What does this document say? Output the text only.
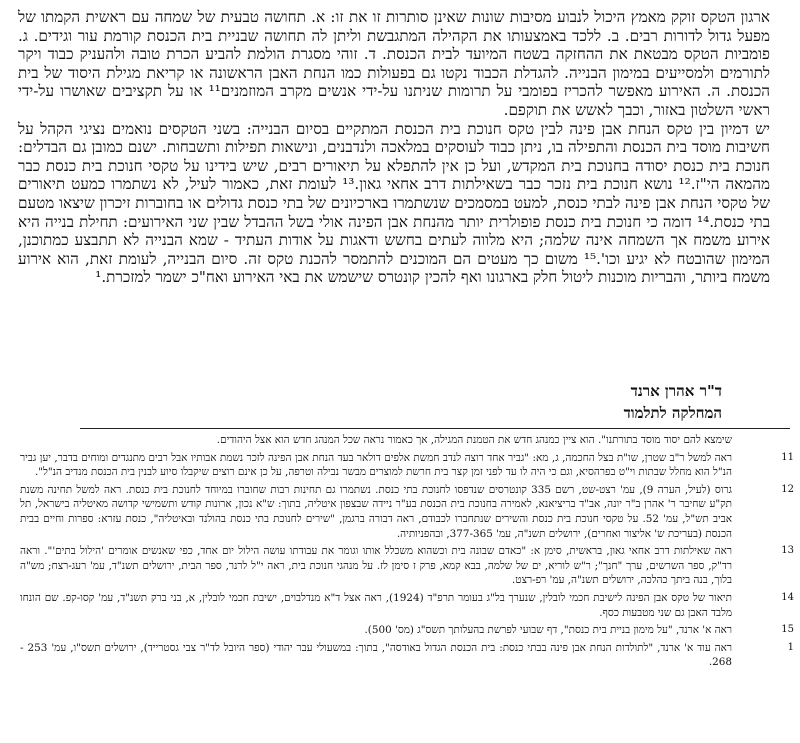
ארגון הטקס זוקק מאמץ היכול לנבוע מסיבות שונות שאינן סותרות זו את זו: א. תחושה טבעית של שמחה עם ראשית הקמתו של מפעל גדול לדורות רבים. ב. ללכד באמצעותו את הקהילה המתגבשת וליתן לה תחושה שבניית בית הכנסת קורמת עור וגידים. ג. פומביות הטקס מבטאת את ההחזקה בשטח המיועד לבית הכנסת. ד. זוהי מסגרת הולמת להביע הכרת טובה ולהעניק כבוד ויקר לתורמים ולמסייעים במימון הבנייה. להגדלת הכבוד נקטו גם בפעולות כמו הנחת האבן הראשונה או קריאת מגילת היסוד של בית הכנסת. ה. האירוע מאפשר להכריז בפומבי על תרומות שניתנו על-ידי אנשים מקרב המוזמנים¹¹ או על תקציבים שאושרו על-ידי ראשי השלטון באזור, וכבך לאשש את תוקפם.

יש דמיון בין טקס הנחת אבן פינה לבין טקס חנוכת בית הכנסת המתקיים בסיום הבנייה: בשני הטקסים נואמים נציגי הקהל על חשיבות מוסד בית הכנסת והתפילה בו, ניתן כבוד לעוסקים במלאכה ולנדבנים, ונישאות תפילות ותשבחות. ישנם כמובן גם הבדלים: חנוכת בית כנסת יסודה בחנוכת בית המקדש, ועל כן אין להתפלא על תיאורים רבים, שיש בידינו על טקסי חנוכת בית כנסת כבר מהמאה הי"ז.¹² נושא חנוכת בית נזכר כבר בשאילתות דרב אחאי גאון.¹³ לעומת זאת, כאמור לעיל, לא נשתמרו כמעט תיאורים של טקסי הנחת אבן פינה לבתי כנסת, למעט במסמכים שנשתמרו בארכיונים של בתי כנסת גדולים או בחוברות זיכרון שיצאו מטעם בתי כנסת.¹⁴ דומה כי חנוכת בית כנסת פופולרית יותר מהנחת אבן הפינה אולי בשל ההבדל שבין שני האירועים: תחילת בנייה היא אירוע משמח אך השמחה אינה שלמה; היא מלווה לעתים בחשש ודאגות על אודות העתיד - שמא הבנייה לא תתבצע כמתוכנן, המימון שהובטח לא יגיע וכו'.¹⁵ משום כך מעטים הם המוכנים להתמסר להכנת טקס זה. סיום הבנייה, לעומת זאת, הוא אירוע משמח ביותר, והבריות מוכנות ליטול חלק בארגונו ואף להכין קונטרס שישמש את באי האירוע ואח"כ ישמר למזכרת.¹

ד"ר אהרן ארנד
המחלקה לתלמוד
שימצא להם יסוד מוסד בתורתנו". הוא ציין כמנהג חדש את הטמנת המגילה, אך כאמור נראה שכל המנהג חדש הוא אצל היהודים.
11
ראה למשל ר"ב שטרן, שו"ת בצל החכמה, ג, מא: "גביר אחד רוצה לנדב חמשת אלפים דולאר בעד הנחת אבן הפינה לזכר נשמת אבותיו אבל רבים מתנגדים ומוחים בדבר, יען גביר הנ"ל הוא מחלל שבתות וי"ט בפרהסיא, וגם כי היה לו עד לפני זמן קצר בית חרשת למוצרים מבשר נבילה וטרפה, על כן אינם רוצים שיקבלו סיוע לבנין בית הכנסת מנדיב הנ"ל".
12
גרוס (לעיל, הערה 9), עמ' רצט-שט, רשם 335 קונטרסים שנדפסו לחנוכת בתי כנסת. נשתמרו גם תחינות רבות שחוברו במיוחד לחנוכת בית כנסת. ראה למשל תחינה משנת תק"ע שחיבר ר' אהרן ב"ר יונה, אב"ד בריציאנא, לאמירה בחנוכת בית הכנסת בע"ר ניידה שבצפון איטליה, בתוך: ש"א נכון, ארונות קודש ותשמישי קדושה מאיטליה בישראל, תל אביב תש"ל, עמ' 52. על טקסי חנוכת בית כנסת והשירים שנתחברו לכבודם, ראה דבורה ברגמן, "שירים לחנוכת בתי כנסת בהולנד ובאיטליה", כנסת עזרא: ספרות וחיים בבית הכנסת (בעריכת ש' אליצור ואחרים), ירושלים תשנ"ה, עמ' 377-365, ובהפניותיה.
13
ראה שאילתות דרב אחאי גאון, בראשית, סימן א: "כאדם שבונה בית וכשהוא משכלל אותו וגומר את עבודתו עושה הילול יום אחד, כפי שאנשים אומרים 'הילול בתים'". וראה רד"ק, ספר השרשים, ערך "חנך"; ר"ש לוריא, ים של שלמה, בבא קמא, פרק ז סימן לז. על מנהגי חנוכת בית, ראה י"ל לרנר, ספר הבית, ירושלים תשנ"ד, עמ' רעג-רצח; מש"ה בלוך, בנה ביתך כהלכה, ירושלים תשנ"ה, עמ' רפ-רצט.
14
תיאור של טקס אבן הפינה לישיבת חכמי לובלין, שנערך בל"ג בעומר תרפ"ד (1924), ראה אצל ד"א מנדלבוים, ישיבת חכמי לובלין, א, בני ברק תשנ"ד, עמ' קסו-קפ. שם הונחו מלבד האבן גם שני מטבעות כסף.
15
ראה א' ארנד, "על מימון בניית בית כנסת", דף שבועי לפרשת בהעלותך תשס"ג (מס' 500).
1
ראה עוד א' ארנד, "לתולדות הנחת אבן פינה בבתי כנסת: בית הכנסת הגדול באודסה", בתוך: במשעולי עבר יהודי (ספר היובל לד"ר צבי גסטרייד), ירושלים תשס"ו, עמ' 253 - 268.
